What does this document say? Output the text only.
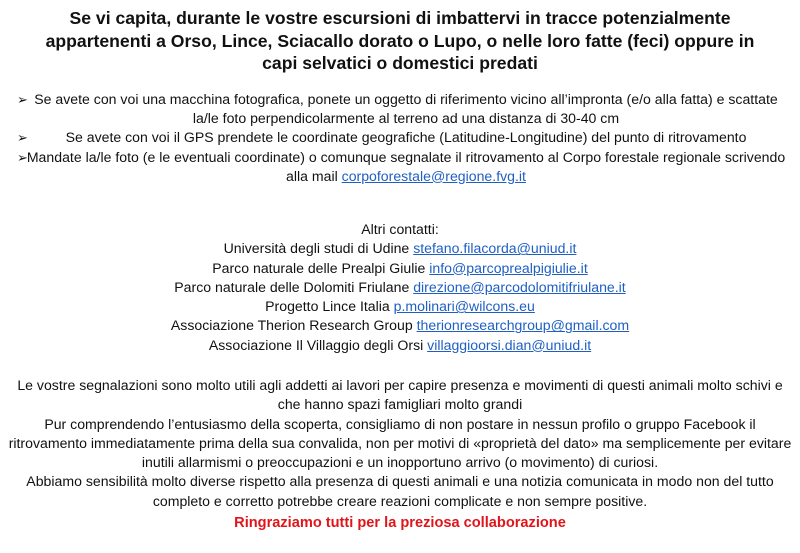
Se vi capita, durante le vostre escursioni di imbattervi in tracce potenzialmente appartenenti a Orso, Lince, Sciacallo dorato o Lupo, o nelle loro fatte (feci) oppure in capi selvatici o domestici predati
➢ Se avete con voi una macchina fotografica, ponete un oggetto di riferimento vicino all’impronta (e/o alla fatta) e scattate la/le foto perpendicolarmente al terreno ad una distanza di 30-40 cm
➢	Se avete con voi il GPS prendete le coordinate geografiche (Latitudine-Longitudine) del punto di ritrovamento
➢
Mandate la/le foto (e le eventuali coordinate) o comunque segnalate il ritrovamento al Corpo forestale regionale scrivendo alla mail corpoforestale@regione.fvg.it
Altri contatti:
Università degli studi di Udine stefano.filacorda@uniud.it
Parco naturale delle Prealpi Giulie info@parcoprealpigiulie.it
Parco naturale delle Dolomiti Friulane direzione@parcodolomitifriulane.it
Progetto Lince Italia p.molinari@wilcons.eu
Associazione Therion Research Group therionresearchgroup@gmail.com
Associazione Il Villaggio degli Orsi villaggioorsi.dian@uniud.it

Le vostre segnalazioni sono molto utili agli addetti ai lavori per capire presenza e movimenti di questi animali molto schivi e che hanno spazi famigliari molto grandi

Pur comprendendo l’entusiasmo della scoperta, consigliamo di non postare in nessun profilo o gruppo Facebook il ritrovamento immediatamente prima della sua convalida, non per motivi di «proprietà del dato» ma semplicemente per evitare inutili allarmismi o preoccupazioni e un inopportuno arrivo (o movimento) di curiosi.

Abbiamo sensibilità molto diverse rispetto alla presenza di questi animali e una notizia comunicata in modo non del tutto completo e corretto potrebbe creare reazioni complicate e non sempre positive.

Ringraziamo tutti per la preziosa collaborazione
